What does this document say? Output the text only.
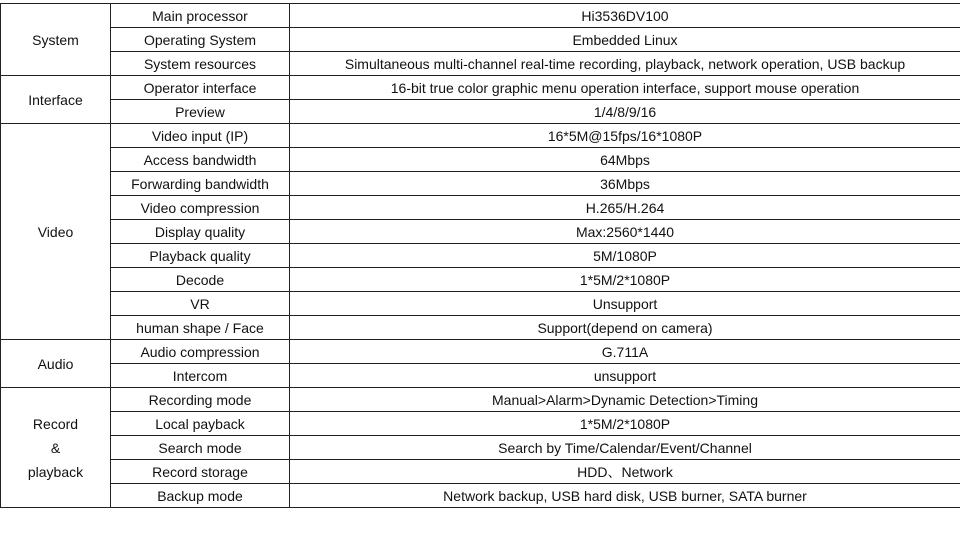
System	Main processor	Hi3536DV100
	Operating System	Embedded Linux
	System resources	Simultaneous multi-channel real-time recording, playback, network operation, USB backup

Interface	Operator interface	16-bit true color graphic menu operation interface, support mouse operation
	Preview	1/4/8/9/16

Video	Video input (IP)	16*5M@15fps/16*1080P
	Access bandwidth	64Mbps
	Forwarding bandwidth	36Mbps
	Video compression	H.265/H.264
	Display quality	Max:2560*1440
	Playback quality	5M/1080P
	Decode	1*5M/2*1080P
	VR	Unsupport
	human shape / Face	Support(depend on camera)

Audio	Audio compression	G.711A
	Intercom	unsupport

Record
&
playback	Recording mode	Manual>Alarm>Dynamic Detection>Timing
	Local payback	1*5M/2*1080P
	Search mode	Search by Time/Calendar/Event/Channel
	Record storage	HDD、Network
	Backup mode	Network backup, USB hard disk, USB burner, SATA burner
